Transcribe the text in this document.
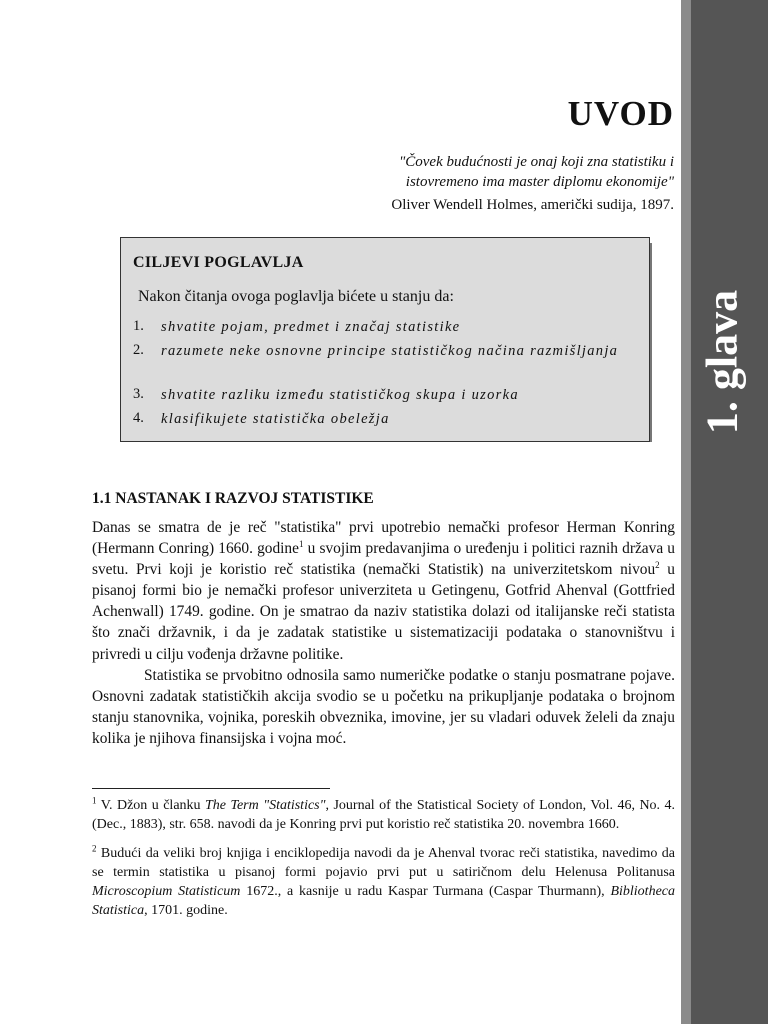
1. glava
UVOD
"Čovek budućnosti je onaj koji zna statistiku i istovremeno ima master diplomu ekonomije"
Oliver Wendell Holmes, američki sudija, 1897.
CILJEVI POGLAVLJA
Nakon čitanja ovoga poglavlja bićete u stanju da:
1. shvatite pojam, predmet i značaj statistike
2. razumete neke osnovne principe statističkog načina razmišljanja
3. shvatite razliku između statističkog skupa i uzorka
4. klasifikujete statistička obeležja
1.1 NASTANAK I RAZVOJ STATISTIKE

Danas se smatra de je reč "statistika" prvi upotrebio nemački profesor Herman Konring (Hermann Conring) 1660. godine$^1$ u svojim predavanjima o uređenju i politici raznih država u svetu. Prvi koji je koristio reč statistika (nemački Statistik) na univerzitetskom nivou$^2$ u pisanoj formi bio je nemački profesor univerziteta u Getingenu, Gotfrid Ahenval (Gottfried Achenwall) 1749. godine. On je smatrao da naziv statistika dolazi od italijanske reči statista što znači državnik, i da je zadatak statistike u sistematizaciji podataka o stanovništvu i privredi u cilju vođenja državne politike.

Statistika se prvobitno odnosila samo numeričke podatke o stanju posmatrane pojave. Osnovni zadatak statističkih akcija svodio se u početku na prikupljanje podataka o brojnom stanju stanovnika, vojnika, poreskih obveznika, imovine, jer su vladari oduvek želeli da znaju kolika je njihova finansijska i vojna moć.

$^1$ V. Džon u članku The Term "Statistics", Journal of the Statistical Society of London, Vol. 46, No. 4. (Dec., 1883), str. 658. navodi da je Konring prvi put koristio reč statistika 20. novembra 1660.

$^2$ Budući da veliki broj knjiga i enciklopedija navodi da je Ahenval tvorac reči statistika, navedimo da se termin statistika u pisanoj formi pojavio prvi put u satiričnom delu Helenusa Politanusa Microscopium Statisticum 1672., a kasnije u radu Kaspar Turmana (Caspar Thurmann), Bibliotheca Statistica, 1701. godine.
